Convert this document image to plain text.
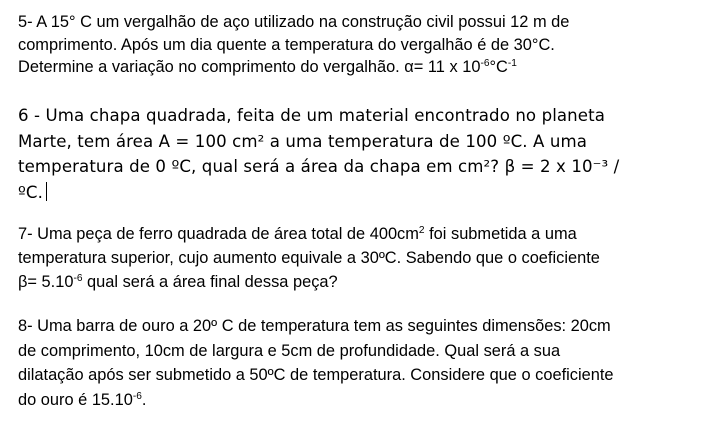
5- A 15° C um vergalhão de aço utilizado na construção civil possui 12 m de
comprimento. Após um dia quente a temperatura do vergalhão é de 30°C.
Determine a variação no comprimento do vergalhão. α= 11 x $10^{-6}^\circ C^{-1}$

6 - Uma chapa quadrada, feita de um material encontrado no planeta
Marte, tem área A = 100 cm² a uma temperatura de 100 ºC. A uma
temperatura de 0 ºC, qual será a área da chapa em cm²? β = 2 x 10⁻³ /
ºC.

7- Uma peça de ferro quadrada de área total de $400cm^2$ foi submetida a uma
temperatura superior, cujo aumento equivale a 30ºC. Sabendo que o coeficiente
$\beta= 5.10^{-6}$ qual será a área final dessa peça?

8- Uma barra de ouro a 20º C de temperatura tem as seguintes dimensões: 20cm
de comprimento, 10cm de largura e 5cm de profundidade. Qual será a sua
dilatação após ser submetido a 50ºC de temperatura. Considere que o coeficiente
do ouro é $15.10^{-6}$.
